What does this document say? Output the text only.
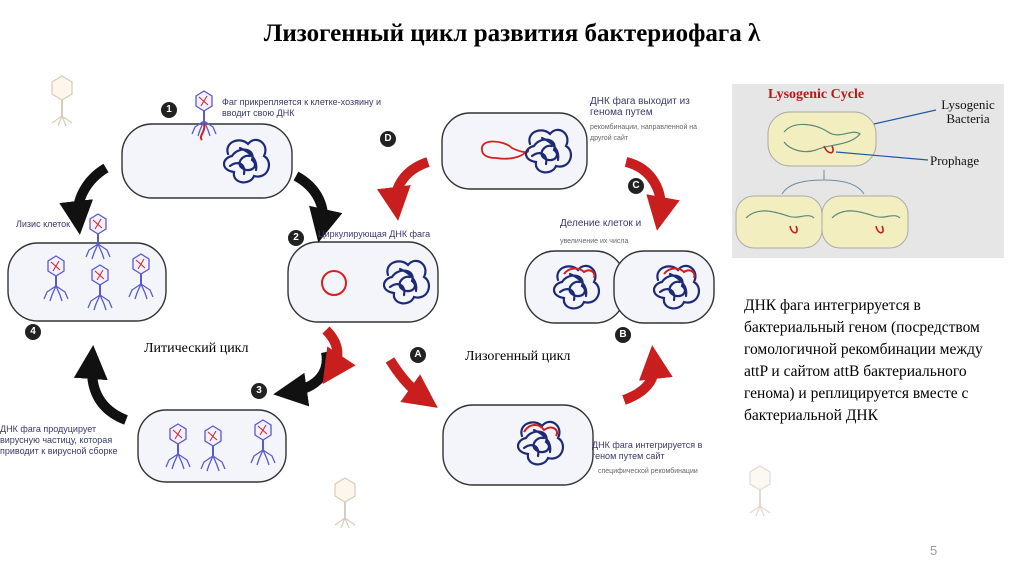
Лизогенный цикл развития бактериофага λ
1
2
3
4
A
B
C
D
Фаг прикрепляется к клетке-хозяину и вводит свою ДНК
Циркулирующая ДНК фага
ДНК фага продуцирует вирусную частицу, которая приводит к вирусной сборке
Лизис клеток
ДНК фага интегрируется в геном путем сайт
специфической рекомбинации
Деление клеток и
увеличение их числа
ДНК фага выходит из генома путем
рекомбинации, направленной на другой сайт
Литический цикл
Лизогенный цикл
Lysogenic Cycle
Lysogenic Bacteria
Prophage
ДНК фага интегрируется в бактериальный геном (посредством гомологичной рекомбинации между attP и сайтом attB бактериального генома) и реплицируется вместе с бактериальной ДНК
5
